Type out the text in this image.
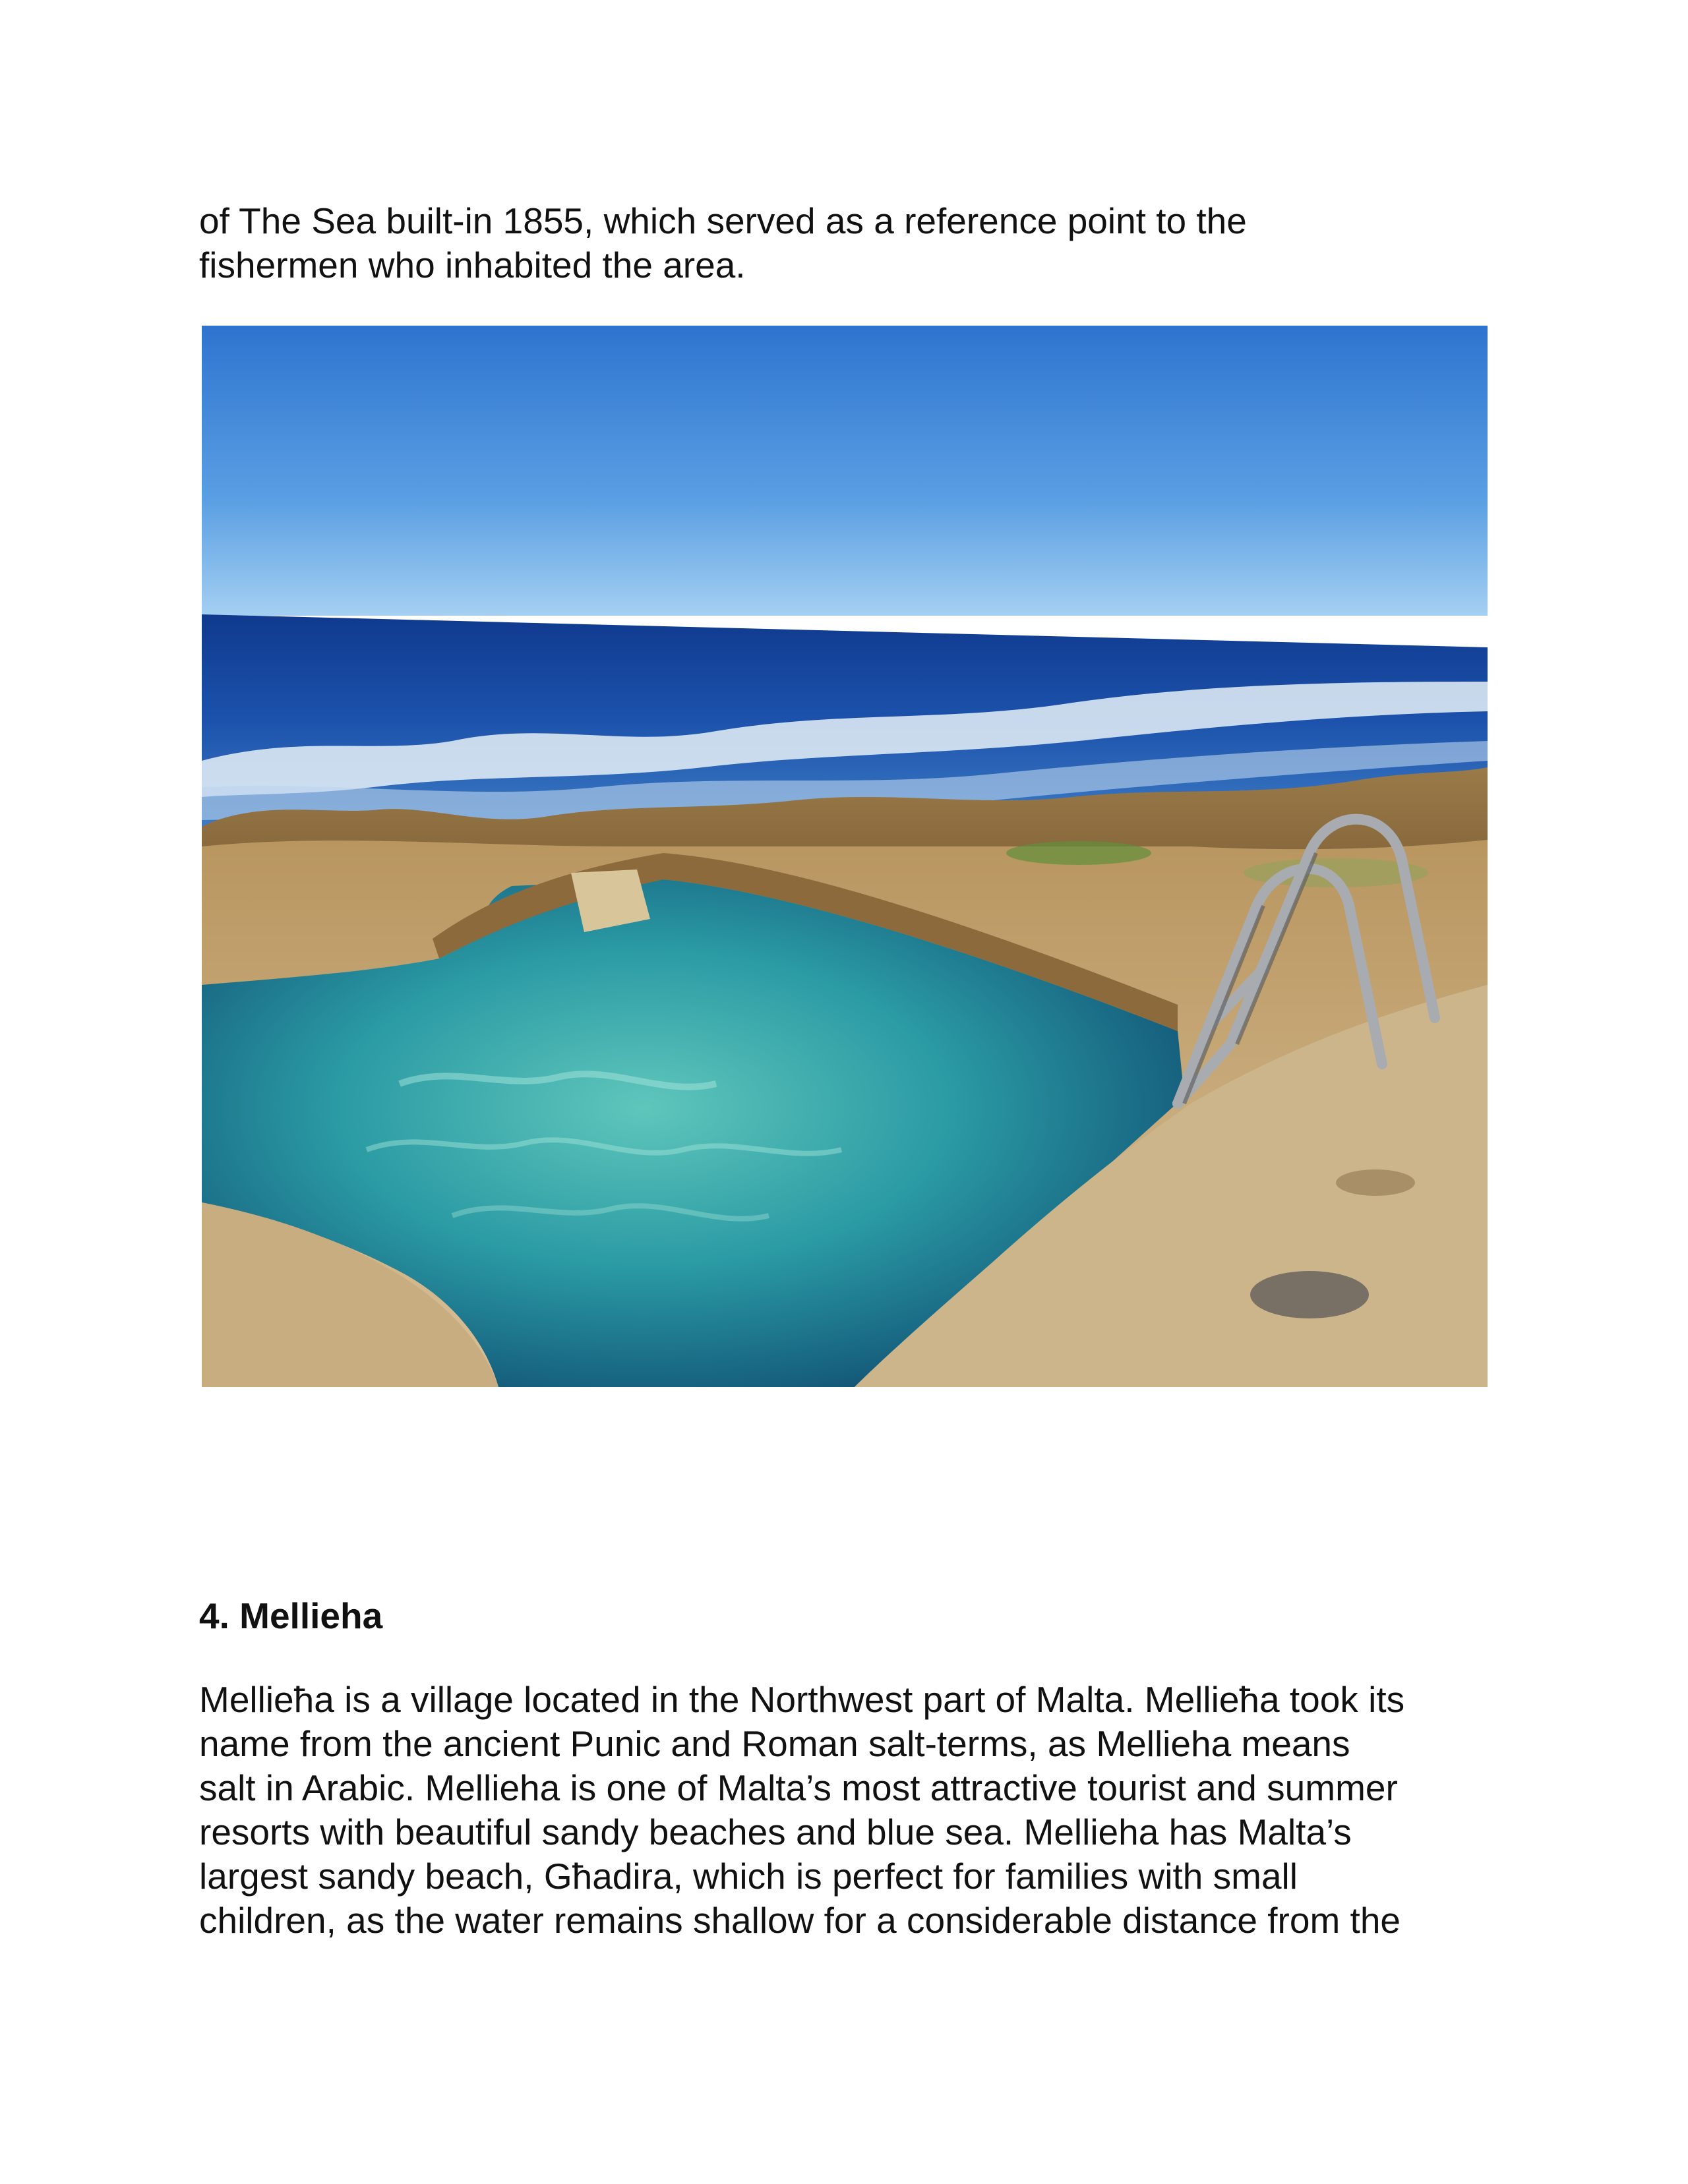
of The Sea built-in 1855, which served as a reference point to the
fishermen who inhabited the area.

4. Mellieha

Mellieħa is a village located in the Northwest part of Malta. Mellieħa took its
name from the ancient Punic and Roman salt-terms, as Mellieha means
salt in Arabic. Mellieha is one of Malta’s most attractive tourist and summer
resorts with beautiful sandy beaches and blue sea. Mellieha has Malta’s
largest sandy beach, Għadira, which is perfect for families with small
children, as the water remains shallow for a considerable distance from the
